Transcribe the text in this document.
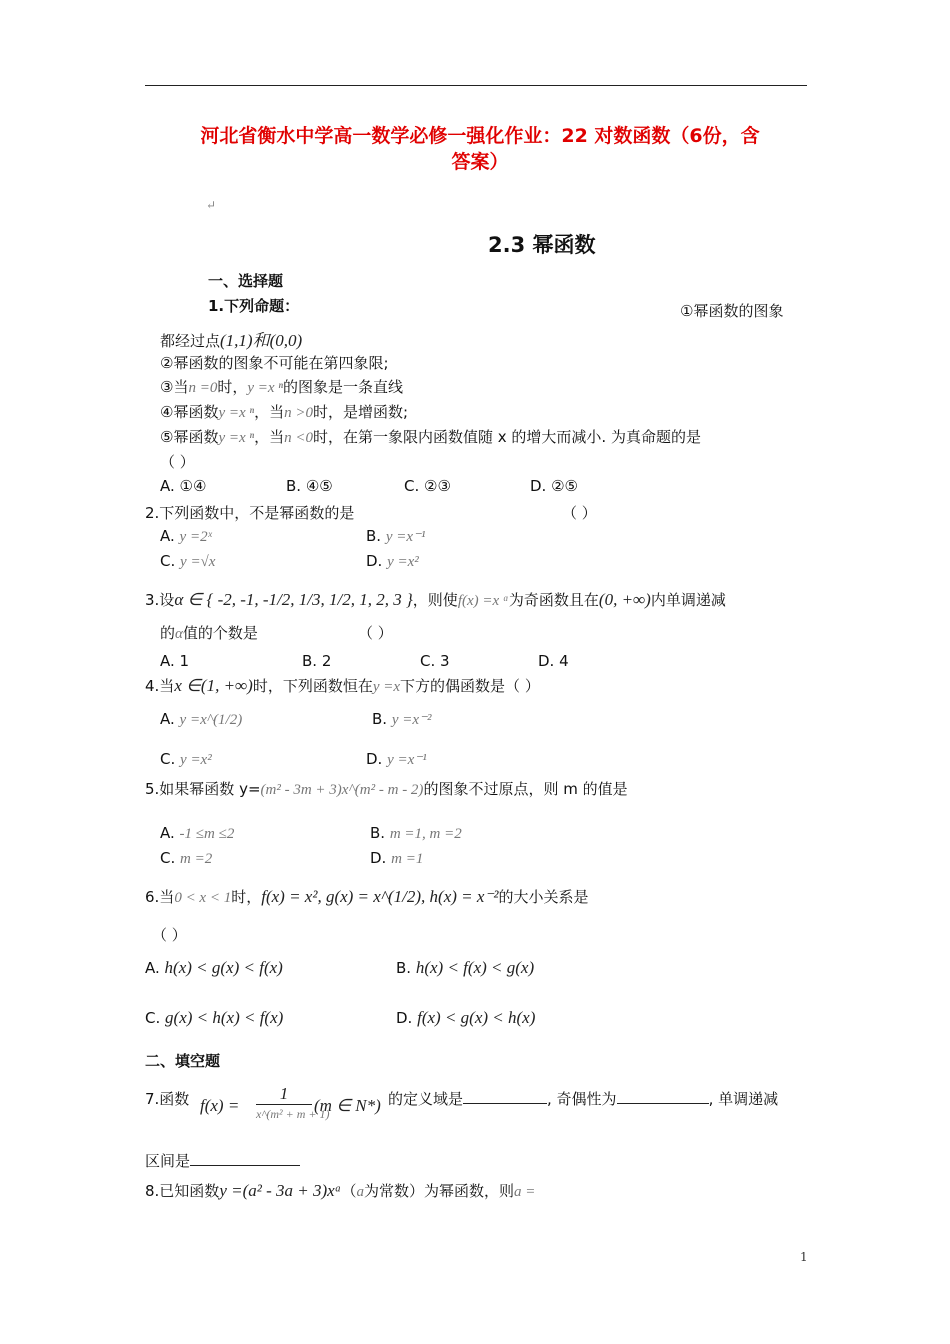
河北省衡水中学高一数学必修一强化作业：22 对数函数（6份，含
答案）
↵
2.3 幂函数
一、选择题
1.下列命题：	①幂函数的图象
都经过点(1,1)和(0,0)
②幂函数的图象不可能在第四象限;
③当n =0时，y =x ⁿ的图象是一条直线
④幂函数y =x ⁿ，当n >0时，是增函数;
⑤幂函数y =x ⁿ，当n <0时，在第一象限内函数值随 x 的增大而减小. 为真命题的是
（ ）
A. ①④	B. ④⑤	C. ②③	D. ②⑤
2.下列函数中，不是幂函数的是	（ ）
A. y =2ˣ	B. y =x⁻¹
C. y =√x	D. y =x²
3.设α ∈ { -2, -1, -1/2, 1/3, 1/2, 1, 2, 3 }，则使f(x) =x ᵅ为奇函数且在(0, +∞)内单调递减
的α值的个数是	（ ）
A. 1	B. 2	C. 3	D. 4
4.当x ∈(1, +∞)时，下列函数恒在y =x下方的偶函数是（ ）
A. y =x^(1/2)	B. y =x⁻²
C. y =x²	D. y =x⁻¹
5.如果幂函数 y=(m² - 3m + 3)x^(m² - m - 2)的图象不过原点，则 m 的值是
A. -1 ≤m ≤2	B. m =1, m =2
C. m =2	D. m =1
6.当0 < x < 1时，f(x) = x², g(x) = x^(1/2), h(x) = x⁻²的大小关系是
（ ）
A. h(x) < g(x) < f(x)	B. h(x) < f(x) < g(x)
C. g(x) < h(x) < f(x)	D. f(x) < g(x) < h(x)
二、填空题
7.函数 f(x) =
1
x^(m² + m + 1)
(m ∈ N*) 的定义域是	, 奇偶性为	, 单调递减
区间是
8.已知函数y =(a² - 3a + 3)xᵃ（a为常数）为幂函数，则a =
1
